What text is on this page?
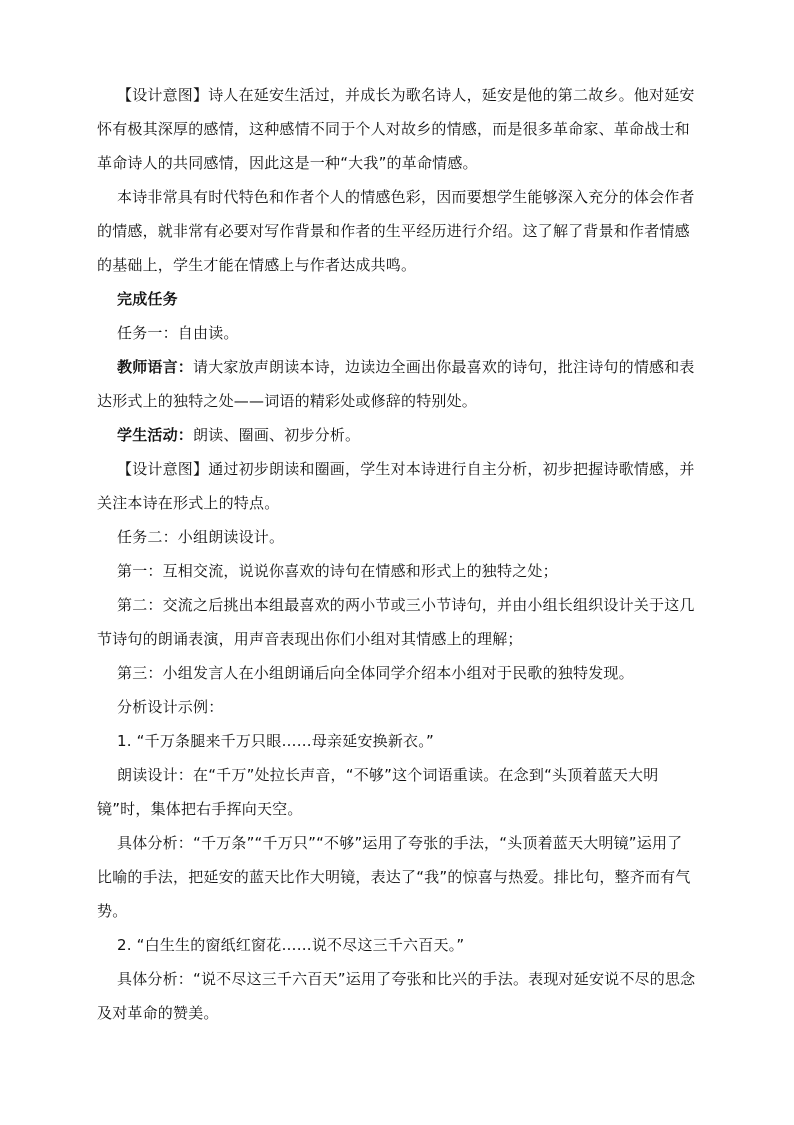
【设计意图】诗人在延安生活过，并成长为歌名诗人，延安是他的第二故乡。他对延安怀有极其深厚的感情，这种感情不同于个人对故乡的情感，而是很多革命家、革命战士和革命诗人的共同感情，因此这是一种“大我”的革命情感。

本诗非常具有时代特色和作者个人的情感色彩，因而要想学生能够深入充分的体会作者的情感，就非常有必要对写作背景和作者的生平经历进行介绍。这了解了背景和作者情感的基础上，学生才能在情感上与作者达成共鸣。

完成任务

任务一：自由读。

教师语言：请大家放声朗读本诗，边读边全画出你最喜欢的诗句，批注诗句的情感和表达形式上的独特之处——词语的精彩处或修辞的特别处。

学生活动：朗读、圈画、初步分析。

【设计意图】通过初步朗读和圈画，学生对本诗进行自主分析，初步把握诗歌情感，并关注本诗在形式上的特点。

任务二：小组朗读设计。

第一：互相交流，说说你喜欢的诗句在情感和形式上的独特之处；

第二：交流之后挑出本组最喜欢的两小节或三小节诗句，并由小组长组织设计关于这几节诗句的朗诵表演，用声音表现出你们小组对其情感上的理解；

第三：小组发言人在小组朗诵后向全体同学介绍本小组对于民歌的独特发现。

分析设计示例：

1. “千万条腿来千万只眼……母亲延安换新衣。”

朗读设计：在“千万”处拉长声音，“不够”这个词语重读。在念到“头顶着蓝天大明镜”时，集体把右手挥向天空。

具体分析：“千万条”“千万只”“不够”运用了夸张的手法，“头顶着蓝天大明镜”运用了比喻的手法，把延安的蓝天比作大明镜，表达了“我”的惊喜与热爱。排比句，整齐而有气势。

2. “白生生的窗纸红窗花……说不尽这三千六百天。”

具体分析：“说不尽这三千六百天”运用了夸张和比兴的手法。表现对延安说不尽的思念及对革命的赞美。
